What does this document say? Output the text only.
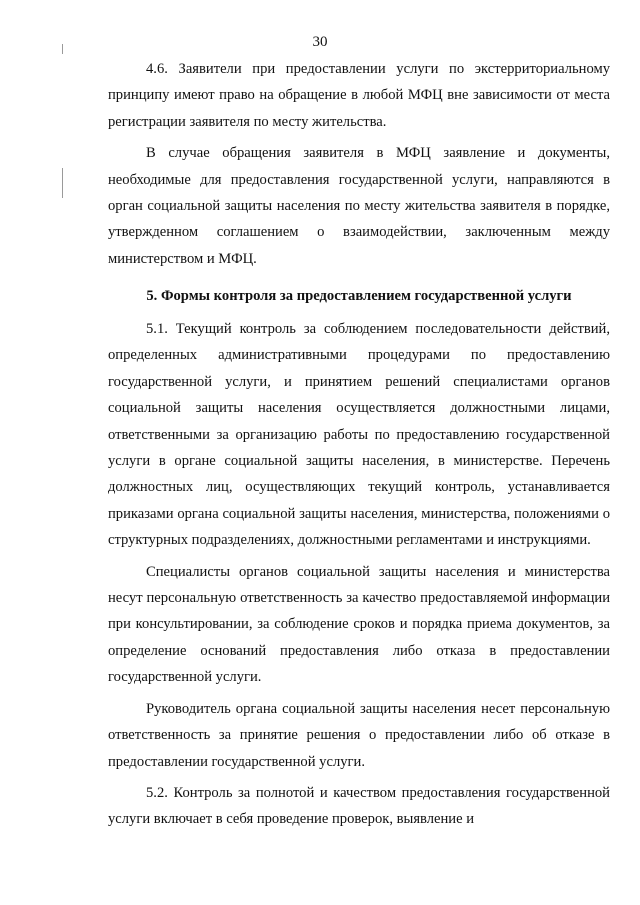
30

4.6. Заявители при предоставлении услуги по экстерриториальному принципу имеют право на обращение в любой МФЦ вне зависимости от места регистрации заявителя по месту жительства.

В случае обращения заявителя в МФЦ заявление и документы, необходимые для предоставления государственной услуги, направляются в орган социальной защиты населения по месту жительства заявителя в порядке, утвержденном соглашением о взаимодействии, заключенным между министерством и МФЦ.

5. Формы контроля за предоставлением государственной услуги

5.1. Текущий контроль за соблюдением последовательности действий, определенных административными процедурами по предоставлению государственной услуги, и принятием решений специалистами органов социальной защиты населения осуществляется должностными лицами, ответственными за организацию работы по предоставлению государственной услуги в органе социальной защиты населения, в министерстве. Перечень должностных лиц, осуществляющих текущий контроль, устанавливается приказами органа социальной защиты населения, министерства, положениями о структурных подразделениях, должностными регламентами и инструкциями.

Специалисты органов социальной защиты населения и министерства несут персональную ответственность за качество предоставляемой информации при консультировании, за соблюдение сроков и порядка приема документов, за определение оснований предоставления либо отказа в предоставлении государственной услуги.

Руководитель органа социальной защиты населения несет персональную ответственность за принятие решения о предоставлении либо об отказе в предоставлении государственной услуги.

5.2. Контроль за полнотой и качеством предоставления государственной услуги включает в себя проведение проверок, выявление и
